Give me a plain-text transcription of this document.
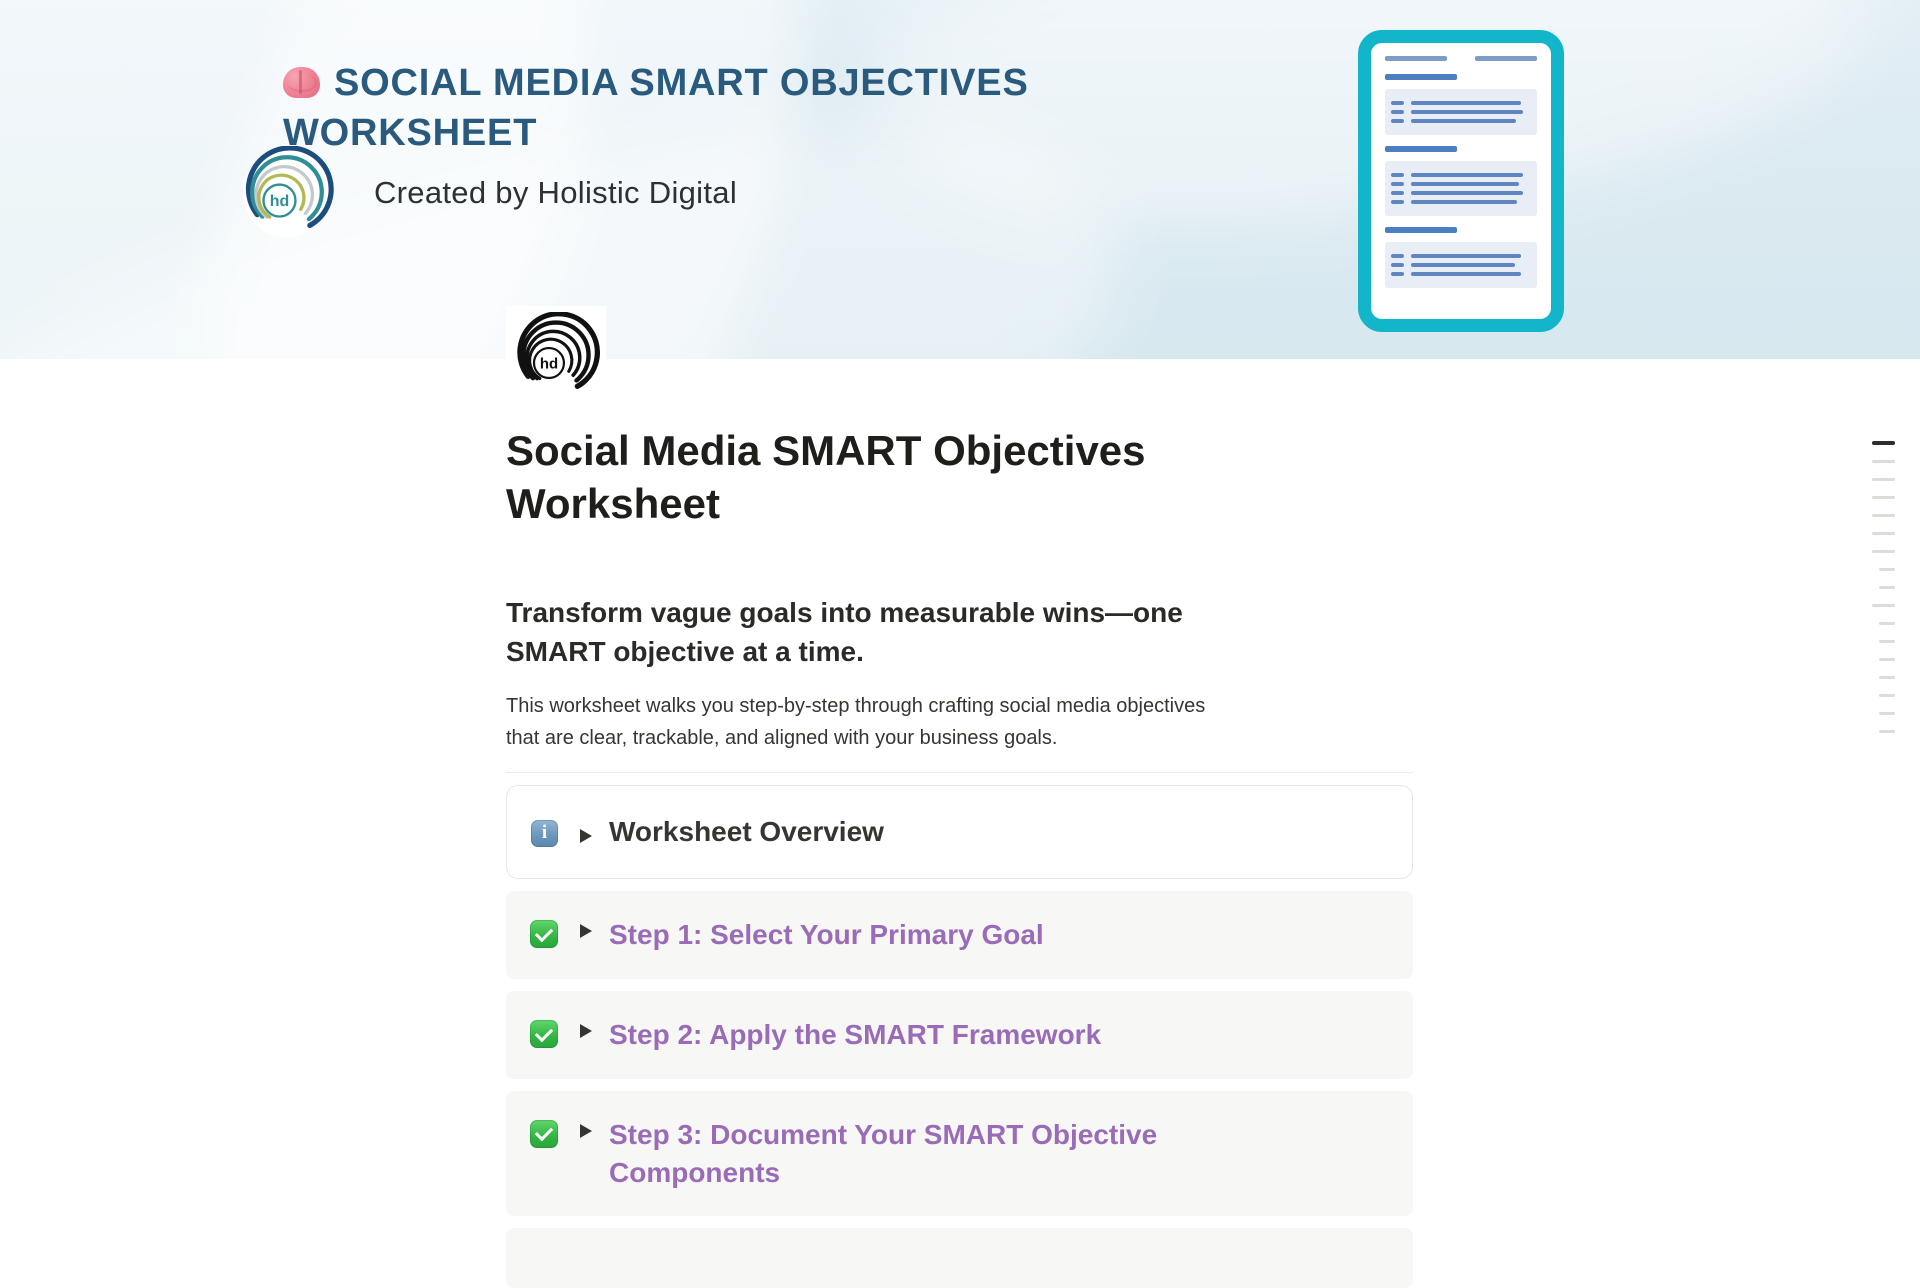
SOCIAL MEDIA SMART OBJECTIVES WORKSHEET
hd	Created by Holistic Digital
hd
Social Media SMART Objectives Worksheet
Transform vague goals into measurable wins—one SMART objective at a time.

This worksheet walks you step-by-step through crafting social media objectives that are clear, trackable, and aligned with your business goals.

i	Worksheet Overview
Step 1: Select Your Primary Goal
Step 2: Apply the SMART Framework
Step 3: Document Your SMART Objective Components
